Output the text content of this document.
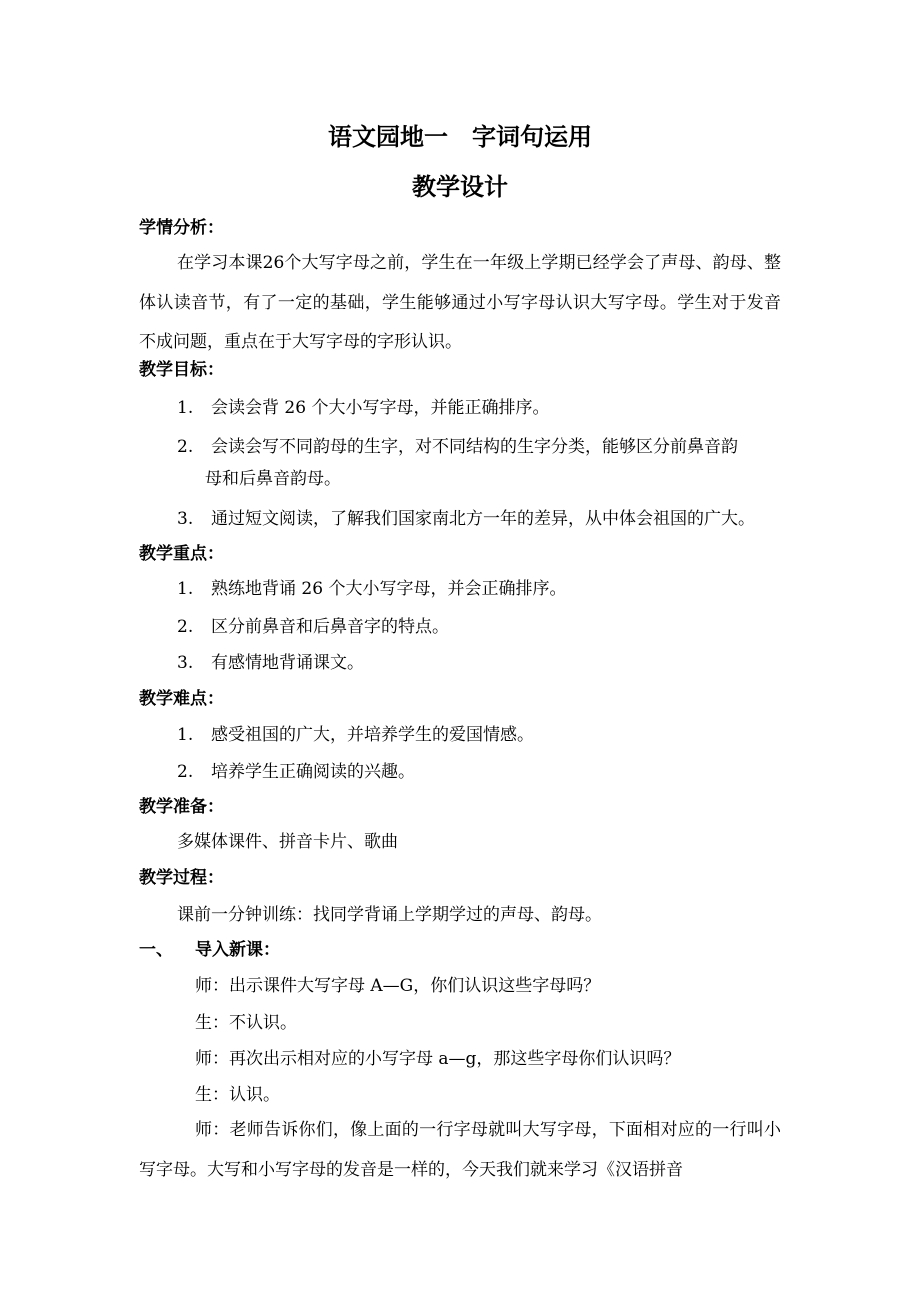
语文园地一　字词句运用
教学设计
学情分析：
在学习本课26个大写字母之前，学生在一年级上学期已经学会了声母、韵母、整体认读音节，有了一定的基础，学生能够通过小写字母认识大写字母。学生对于发音不成问题，重点在于大写字母的字形认识。
教学目标：
1. 会读会背 26 个大小写字母，并能正确排序。
2. 会读会写不同韵母的生字，对不同结构的生字分类，能够区分前鼻音韵
母和后鼻音韵母。
3. 通过短文阅读，了解我们国家南北方一年的差异，从中体会祖国的广大。
教学重点：
1. 熟练地背诵 26 个大小写字母，并会正确排序。
2. 区分前鼻音和后鼻音字的特点。
3. 有感情地背诵课文。
教学难点：
1. 感受祖国的广大，并培养学生的爱国情感。
2. 培养学生正确阅读的兴趣。
教学准备：
多媒体课件、拼音卡片、歌曲
教学过程：
课前一分钟训练：找同学背诵上学期学过的声母、韵母。
一、 导入新课：
师：出示课件大写字母 A—G，你们认识这些字母吗？
生：不认识。
师：再次出示相对应的小写字母 a—g，那这些字母你们认识吗？
生：认识。
师：老师告诉你们，像上面的一行字母就叫大写字母，下面相对应的一行叫小写字母。大写和小写字母的发音是一样的，今天我们就来学习《汉语拼音
